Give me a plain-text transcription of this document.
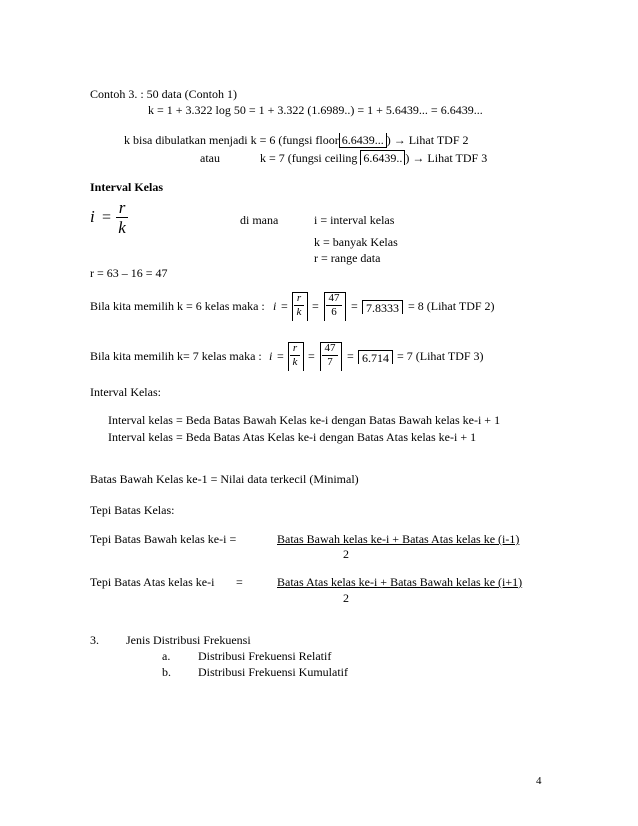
Contoh 3. : 50 data (Contoh 1)
k = 1 + 3.322 log 50 = 1 + 3.322 (1.6989..) = 1 + 5.6439... = 6.6439...
k bisa dibulatkan menjadi k = 6 (fungsi floor 6.6439... ) → Lihat TDF 2
atau	k = 7 (fungsi ceiling 6.6439.. ) → Lihat TDF 3
Interval Kelas
i =
r
k	di mana	i = interval kelas
k = banyak Kelas
r = range data
r = 63 – 16 = 47
Bila kita memilih k = 6 kelas maka : i =
r
k =
47
6	= 7.8333 = 8 (Lihat TDF 2)
Bila kita memilih k= 7 kelas maka : i =
r
k =
47
7	= 6.714 = 7 (Lihat TDF 3)
Interval Kelas:
Interval kelas = Beda Batas Bawah Kelas ke-i dengan Batas Bawah kelas ke-i + 1
Interval kelas = Beda Batas Atas Kelas ke-i dengan Batas Atas kelas ke-i + 1
Batas Bawah Kelas ke-1 = Nilai data terkecil (Minimal)
Tepi Batas Kelas:
Tepi Batas Bawah kelas ke-i =	Batas Bawah kelas ke-i + Batas Atas kelas ke (i-1)
2
Tepi Batas Atas kelas ke-i =	Batas Atas kelas ke-i + Batas Bawah kelas ke (i+1)
2
3. Jenis Distribusi Frekuensi
a. Distribusi Frekuensi Relatif
b. Distribusi Frekuensi Kumulatif
4
